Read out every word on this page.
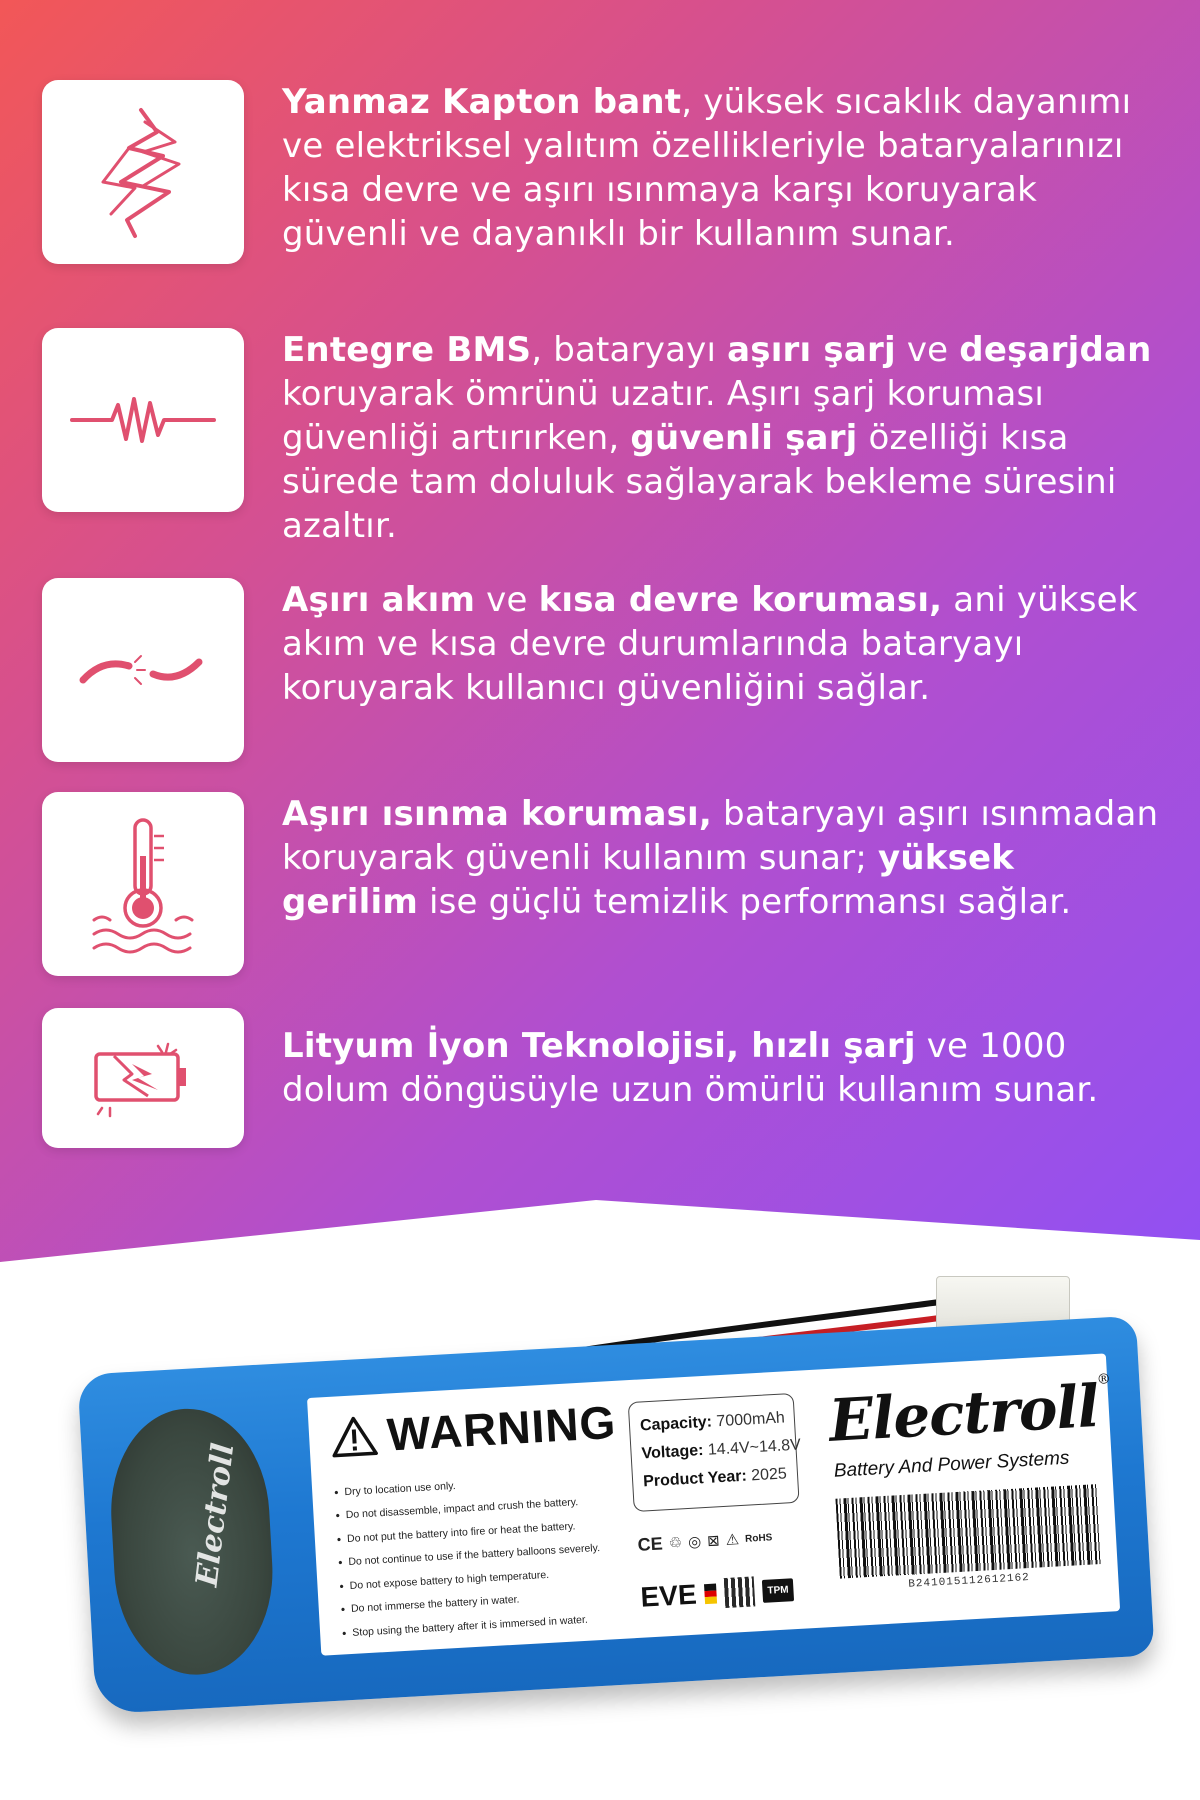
Yanmaz Kapton bant, yüksek sıcaklık dayanımı ve elektriksel yalıtım özellikleriyle bataryalarınızı kısa devre ve aşırı ısınmaya karşı koruyarak güvenli ve dayanıklı bir kullanım sunar.

Entegre BMS, bataryayı aşırı şarj ve deşarjdan koruyarak ömrünü uzatır. Aşırı şarj koruması güvenliği artırırken, güvenli şarj özelliği kısa sürede tam doluluk sağlayarak bekleme süresini azaltır.

Aşırı akım ve kısa devre koruması, ani yüksek akım ve kısa devre durumlarında bataryayı koruyarak kullanıcı güvenliğini sağlar.

Aşırı ısınma koruması, bataryayı aşırı ısınmadan koruyarak güvenli kullanım sunar; yüksek gerilim ise güçlü temizlik performansı sağlar.

Lityum İyon Teknolojisi, hızlı şarj ve 1000 dolum döngüsüyle uzun ömürlü kullanım sunar.

Electroll
WARNING
• Dry to location use only.
• Do not disassemble, impact and crush the battery.
• Do not put the battery into fire or heat the battery.
• Do not continue to use if the battery balloons severely.
• Do not expose battery to high temperature.
• Do not immerse the battery in water.
• Stop using the battery after it is immersed in water.
Capacity: 7000mAh
Voltage: 14.4V~14.8V
Product Year: 2025
CE ♲ ◎ ⊠ ⚠ RoHS
EVE	TPM
Electroll®
Battery And Power Systems
B241015112612162
